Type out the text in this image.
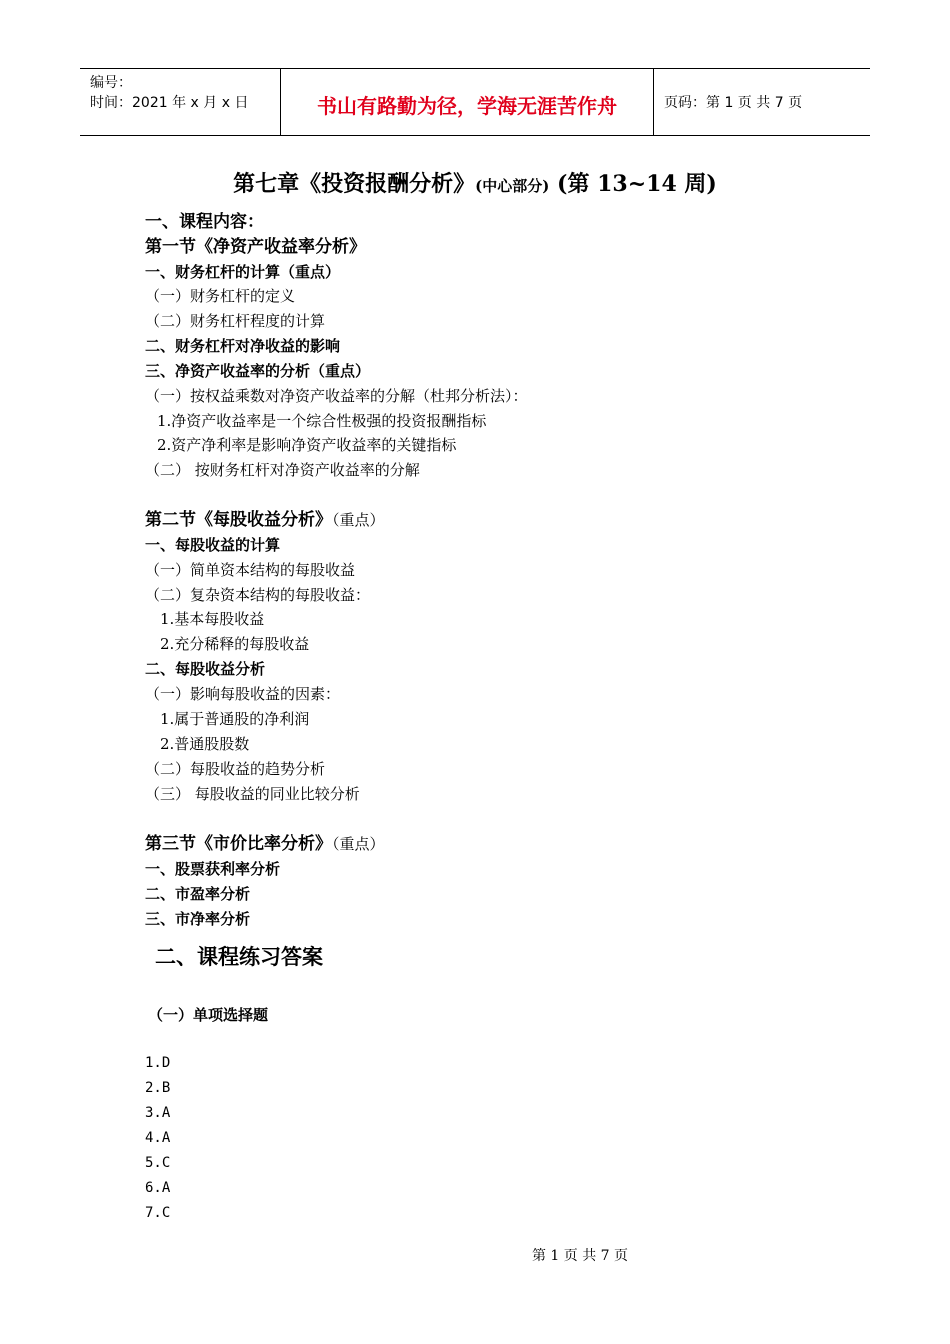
编号：
时间：2021 年 x 月 x 日	书山有路勤为径，学海无涯苦作舟	页码：第 1 页 共 7 页
第七章《投资报酬分析》(中心部分) (第 13~14 周)
一、课程内容：
第一节《净资产收益率分析》
一、财务杠杆的计算（重点）
（一）财务杠杆的定义
（二）财务杠杆程度的计算
二、财务杠杆对净收益的影响
三、净资产收益率的分析（重点）
（一）按权益乘数对净资产收益率的分解（杜邦分析法）：
1.净资产收益率是一个综合性极强的投资报酬指标
2.资产净利率是影响净资产收益率的关键指标
（二） 按财务杠杆对净资产收益率的分解
第二节《每股收益分析》（重点）
一、每股收益的计算
（一）简单资本结构的每股收益
（二）复杂资本结构的每股收益：
1.基本每股收益
2.充分稀释的每股收益
二、每股收益分析
（一）影响每股收益的因素：
1.属于普通股的净利润
2.普通股股数
（二）每股收益的趋势分析
（三） 每股收益的同业比较分析
第三节《市价比率分析》（重点）
一、股票获利率分析
二、市盈率分析
三、市净率分析
二、课程练习答案
（一）单项选择题
1.D
2.B
3.A
4.A
5.C
6.A
7.C
第 1 页 共 7 页
